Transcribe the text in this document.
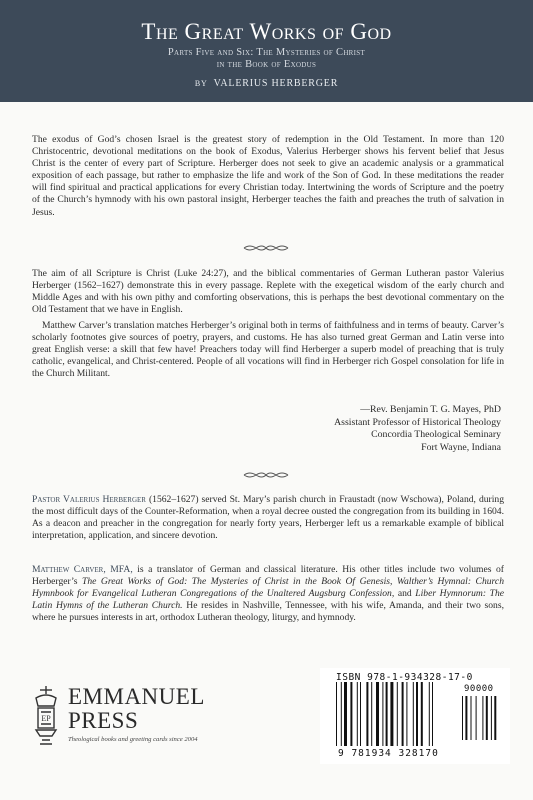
The Great Works of God
Parts Five and Six: The Mysteries of Christ
in the Book of Exodus
BY VALERIUS HERBERGER

The exodus of God’s chosen Israel is the greatest story of redemption in the Old Testament. In more than 120 Christocentric, devotional meditations on the book of Exodus, Valerius Herberger shows his fervent belief that Jesus Christ is the center of every part of Scripture. Herberger does not seek to give an academic analysis or a grammatical exposition of each passage, but rather to emphasize the life and work of the Son of God. In these meditations the reader will find spiritual and practical applications for every Christian today. Intertwining the words of Scripture and the poetry of the Church’s hymnody with his own pastoral insight, Herberger teaches the faith and preaches the truth of salvation in Jesus.

The aim of all Scripture is Christ (Luke 24:27), and the biblical commentaries of German Lutheran pastor Valerius Herberger (1562–1627) demonstrate this in every passage. Replete with the exegetical wisdom of the early church and Middle Ages and with his own pithy and comforting observations, this is perhaps the best devotional commentary on the Old Testament that we have in English.

Matthew Carver’s translation matches Herberger’s original both in terms of faithfulness and in terms of beauty. Carver’s scholarly footnotes give sources of poetry, prayers, and customs. He has also turned great German and Latin verse into great English verse: a skill that few have! Preachers today will find Herberger a superb model of preaching that is truly catholic, evangelical, and Christ-centered. People of all vocations will find in Herberger rich Gospel consolation for life in the Church Militant.

—Rev. Benjamin T. G. Mayes, PhD
Assistant Professor of Historical Theology
Concordia Theological Seminary
Fort Wayne, Indiana

Pastor Valerius Herberger (1562–1627) served St. Mary’s parish church in Fraustadt (now Wschowa), Poland, during the most difficult days of the Counter-Reformation, when a royal decree ousted the congregation from its building in 1604. As a deacon and preacher in the congregation for nearly forty years, Herberger left us a remarkable example of biblical interpretation, application, and sincere devotion.

Matthew Carver, MFA, is a translator of German and classical literature. His other titles include two volumes of Herberger’s The Great Works of God: The Mysteries of Christ in the Book Of Genesis, Walther’s Hymnal: Church Hymnbook for Evangelical Lutheran Congregations of the Unaltered Augsburg Confession, and Liber Hymnorum: The Latin Hymns of the Lutheran Church. He resides in Nashville, Tennessee, with his wife, Amanda, and their two sons, where he pursues interests in art, orthodox Lutheran theology, liturgy, and hymnody.

EP
EMMANUEL
PRESS
Theological books and greeting cards since 2004
ISBN 978-1-934328-17-0
90000
9 781934 328170
